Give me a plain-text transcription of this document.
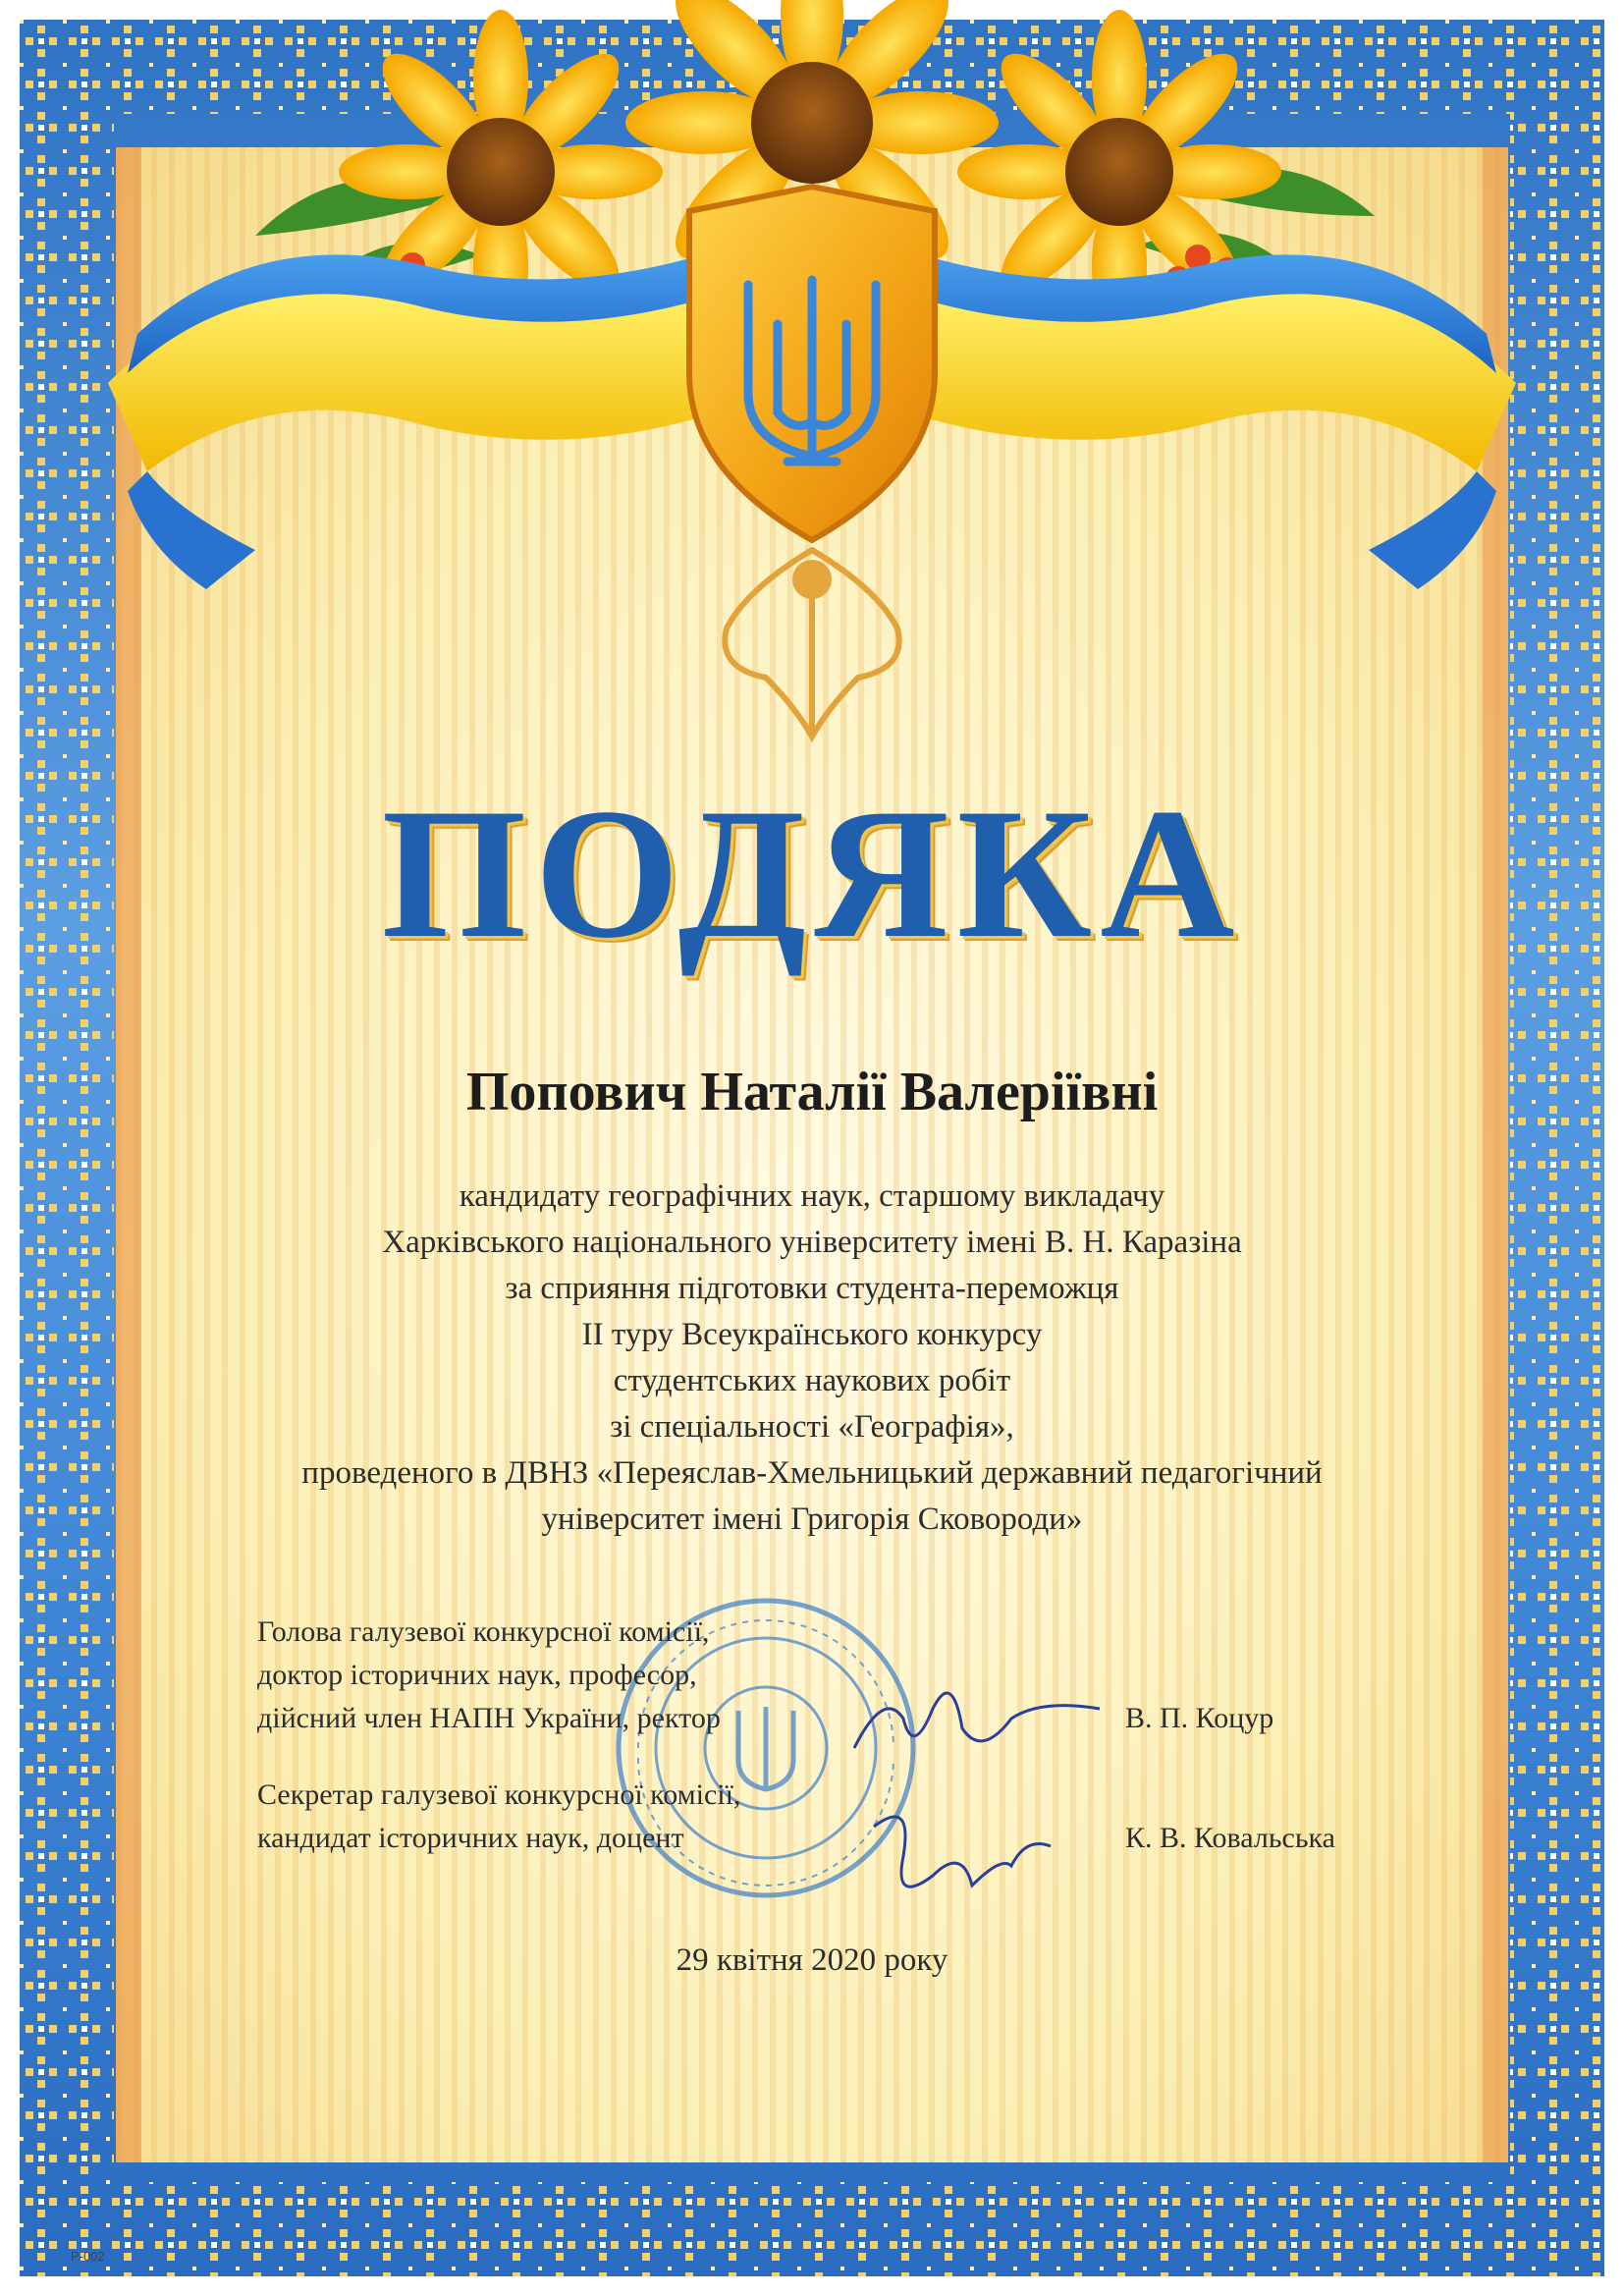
ПОДЯКА
Попович Наталії Валеріївні
кандидату географічних наук, старшому викладачу
Харківського національного університету імені В. Н. Каразіна
за сприяння підготовки студента-переможця
II туру Всеукраїнського конкурсу
студентських наукових робіт
зі спеціальності «Географія»,
проведеного в ДВНЗ «Переяслав-Хмельницький державний педагогічний
університет імені Григорія Сковороди»
Голова галузевої конкурсної комісії,
доктор історичних наук, професор,
дійсний член НАПН України, ректор	В. П. Коцур
Секретар галузевої конкурсної комісії,
кандидат історичних наук, доцент	К. В. Ковальська
29 квітня 2020 року
P-002
